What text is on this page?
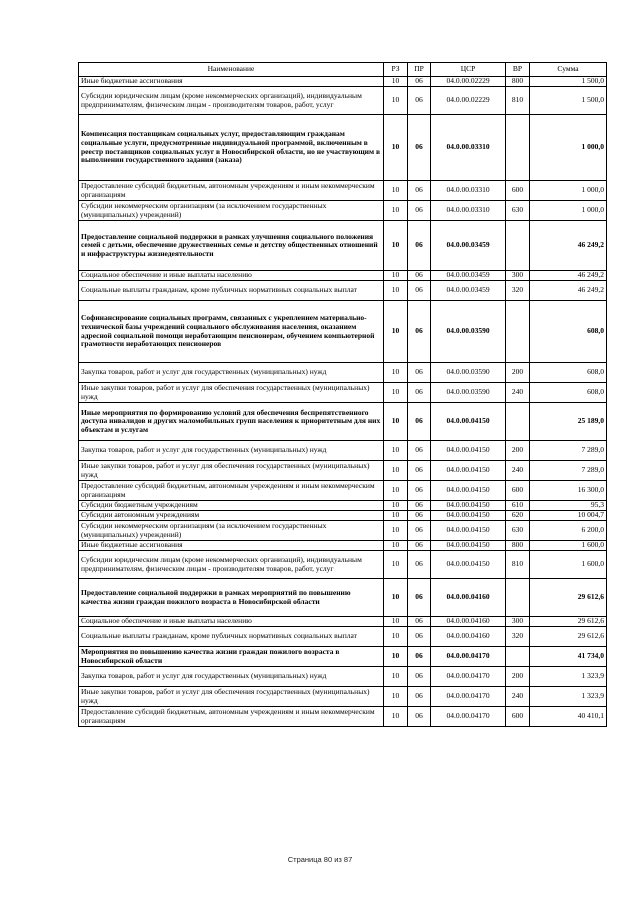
Наименование	РЗ	ПР	ЦСР	ВР	Сумма
Иные бюджетные ассигнования	10	06	04.0.00.02229	800	1 500,0
Субсидии юридическим лицам (кроме некоммерческих организаций), индивидуальным предпринимателям, физическим лицам - производителям товаров, работ, услуг	10	06	04.0.00.02229	810	1 500,0
Компенсация поставщикам социальных услуг, предоставляющим гражданам социальные услуги, предусмотренные индивидуальной программой, включенным в реестр поставщиков социальных услуг в Новосибирской области, но не участвующим в выполнении государственного задания (заказа)	10	06	04.0.00.03310		1 000,0
Предоставление субсидий бюджетным, автономным учреждениям и иным некоммерческим организациям	10	06	04.0.00.03310	600	1 000,0
Субсидии некоммерческим организациям (за исключением государственных (муниципальных) учреждений)	10	06	04.0.00.03310	630	1 000,0
Предоставление социальной поддержки в рамках улучшения социального положения семей с детьми, обеспечение дружественных семье и детству общественных отношений и инфраструктуры жизнедеятельности	10	06	04.0.00.03459		46 249,2
Социальное обеспечение и иные выплаты населению	10	06	04.0.00.03459	300	46 249,2
Социальные выплаты гражданам, кроме публичных нормативных социальных выплат	10	06	04.0.00.03459	320	46 249,2
Софинансирование социальных программ, связанных с укреплением материально-технической базы учреждений социального обслуживания населения, оказанием адресной социальной помощи неработающим пенсионерам, обучением компьютерной грамотности неработающих пенсионеров	10	06	04.0.00.03590		608,0
Закупка товаров, работ и услуг для государственных (муниципальных) нужд	10	06	04.0.00.03590	200	608,0
Иные закупки товаров, работ и услуг для обеспечения государственных (муниципальных) нужд	10	06	04.0.00.03590	240	608,0
Иные мероприятия по формированию условий для обеспечения беспрепятственного доступа инвалидов и других маломобильных групп населения к приоритетным для них объектам и услугам	10	06	04.0.00.04150		25 189,0
Закупка товаров, работ и услуг для государственных (муниципальных) нужд	10	06	04.0.00.04150	200	7 289,0
Иные закупки товаров, работ и услуг для обеспечения государственных (муниципальных) нужд	10	06	04.0.00.04150	240	7 289,0
Предоставление субсидий бюджетным, автономным учреждениям и иным некоммерческим организациям	10	06	04.0.00.04150	600	16 300,0
Субсидии бюджетным учреждениям	10	06	04.0.00.04150	610	95,3
Субсидии автономным учреждениям	10	06	04.0.00.04150	620	10 004,7
Субсидии некоммерческим организациям (за исключением государственных (муниципальных) учреждений)	10	06	04.0.00.04150	630	6 200,0
Иные бюджетные ассигнования	10	06	04.0.00.04150	800	1 600,0
Субсидии юридическим лицам (кроме некоммерческих организаций), индивидуальным предпринимателям, физическим лицам - производителям товаров, работ, услуг	10	06	04.0.00.04150	810	1 600,0
Предоставление социальной поддержки в рамках мероприятий по повышению качества жизни граждан пожилого возраста в Новосибирской области	10	06	04.0.00.04160		29 612,6
Социальное обеспечение и иные выплаты населению	10	06	04.0.00.04160	300	29 612,6
Социальные выплаты гражданам, кроме публичных нормативных социальных выплат	10	06	04.0.00.04160	320	29 612,6
Мероприятия по повышению качества жизни граждан пожилого возраста в Новосибирской области	10	06	04.0.00.04170		41 734,0
Закупка товаров, работ и услуг для государственных (муниципальных) нужд	10	06	04.0.00.04170	200	1 323,9
Иные закупки товаров, работ и услуг для обеспечения государственных (муниципальных) нужд	10	06	04.0.00.04170	240	1 323,9
Предоставление субсидий бюджетным, автономным учреждениям и иным некоммерческим организациям	10	06	04.0.00.04170	600	40 410,1
Страница 80 из 87
